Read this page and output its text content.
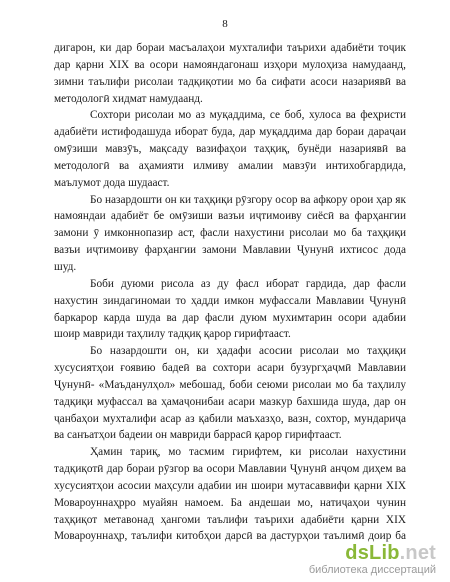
8

дигарон, ки дар бораи масъалаҳои мухталифи таърихи адабиёти тоҷик
дар қарни XIX ва осори намояндагонаш изҳори мулоҳиза намудаанд,
зимни таълифи рисолаи тадқиқотии мо ба сифати асоси назариявӣ ва
методологӣ хидмат намудаанд.

Сохтори рисолаи мо аз муқаддима, се боб, хулоса ва феҳристи
адабиёти истифодашуда иборат буда, дар муқаддима дар бораи дараҷаи
омӯзиши мавзӯъ, мақсаду вазифаҳои таҳқиқ, бунёди назариявӣ ва
методологӣ ва аҳамияти илмиву амалии мавзӯи интихобгардида,
маълумот дода шудааст.

Бо назардошти он ки таҳқиқи рӯзгору осор ва афкору орои ҳар як
намояндаи адабиёт бе омӯзиши вазъи иҷтимоиву сиёсӣ ва фарҳангии
замони ӯ имконнопазир аст, фасли нахустини рисолаи мо ба таҳқиқи
вазъи иҷтимоиву фарҳангии замони Мавлавии Ҷунунӣ ихтисос дода
шуд.

Боби дуюми рисола аз ду фасл иборат гардида, дар фасли
нахустин зиндагиномаи то ҳадди имкон муфассали Мавлавии Ҷунунӣ
баркарор карда шуда ва дар фасли дуюм мухимтарин осори адабии
шоир мавриди таҳлилу тадқиқ қарор гирифтааст.

Бо назардошти он, ки ҳадафи асосии рисолаи мо таҳқиқи
хусусиятҳои ғоявию бадеӣ ва сохтори асари бузургҳаҷмӣ Мавлавии
Ҷунунӣ- «Маъданулҳол» мебошад, боби сеюми рисолаи мо ба таҳлилу
тадқиқи муфассал ва ҳамаҷонибаи асари мазкур бахшида шуда, дар он
ҷанбаҳои мухталифи асар аз қабили маъхазҳо, вазн, сохтор, мундариҷа
ва санъатҳои бадеии он мавриди баррасӣ қарор гирифтааст.

Ҳамин тариқ, мо тасмим гирифтем, ки рисолаи нахустини
тадқиқотӣ дар бораи рӯзгор ва осори Мавлавии Ҷунунӣ анҷом диҳем ва
хусусиятҳои асосии маҳсули адабии ин шоири мутасаввифи қарни XIX
Мовароуннаҳрро муайян намоем. Ба андешаи мо, натиҷаҳои чунин
таҳқиқот метавонад ҳангоми таълифи таърихи адабиёти қарни XIX
Мовароуннаҳр, таълифи китобҳои дарсӣ ва дастурҳои таълимӣ доир ба

dsLib.net
библиотека диссертаций
